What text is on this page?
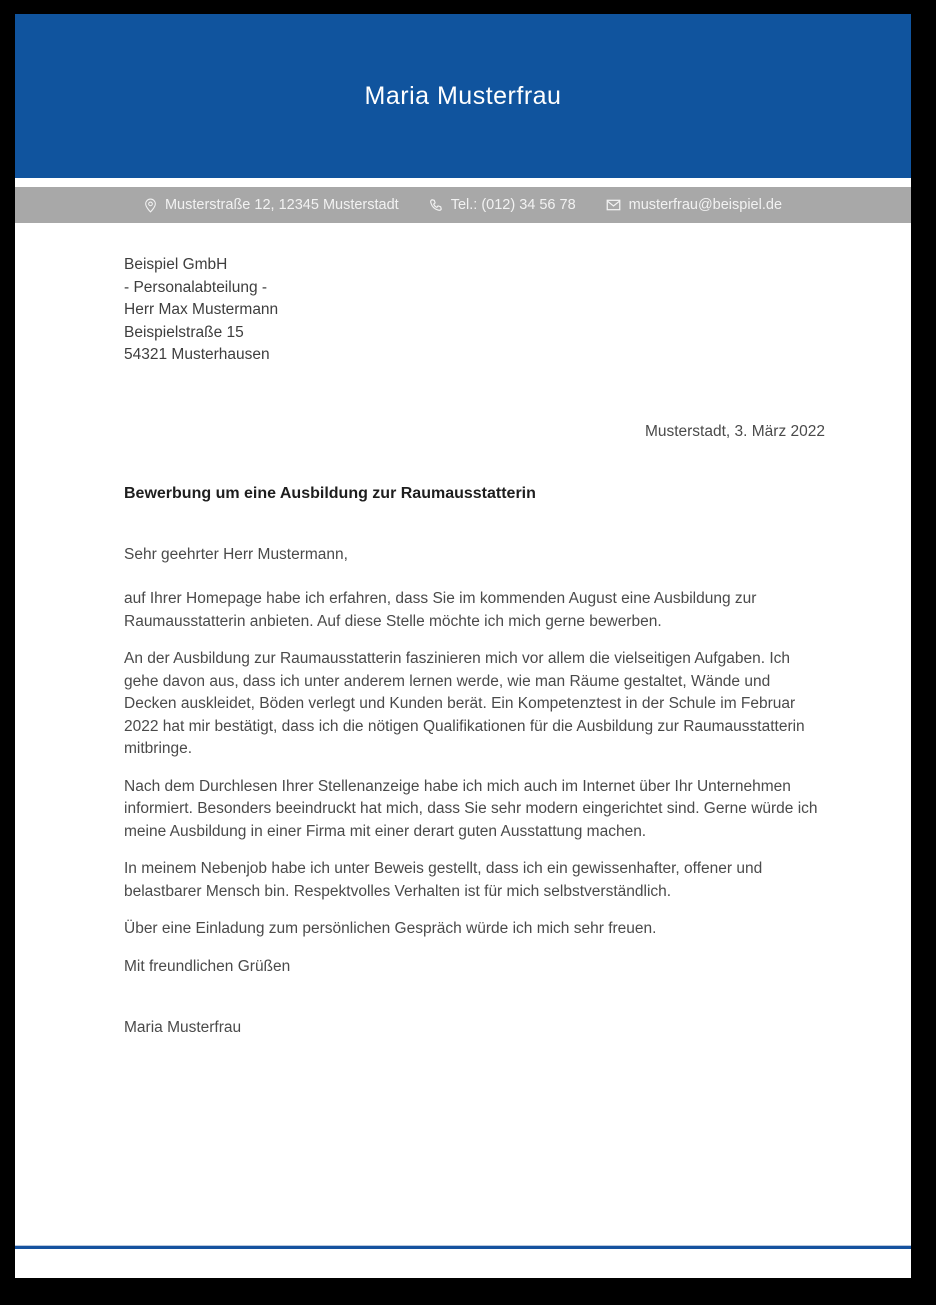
Maria Musterfrau
Musterstraße 12, 12345 Musterstadt	Tel.: (012) 34 56 78	musterfrau@beispiel.de
Beispiel GmbH
- Personalabteilung -
Herr Max Mustermann
Beispielstraße 15
54321 Musterhausen
Musterstadt, 3. März 2022
Bewerbung um eine Ausbildung zur Raumausstatterin
Sehr geehrter Herr Mustermann,

auf Ihrer Homepage habe ich erfahren, dass Sie im kommenden August eine Ausbildung zur Raumausstatterin anbieten. Auf diese Stelle möchte ich mich gerne bewerben.

An der Ausbildung zur Raumausstatterin faszinieren mich vor allem die vielseitigen Aufgaben. Ich gehe davon aus, dass ich unter anderem lernen werde, wie man Räume gestaltet, Wände und Decken auskleidet, Böden verlegt und Kunden berät. Ein Kompetenztest in der Schule im Februar 2022 hat mir bestätigt, dass ich die nötigen Qualifikationen für die Ausbildung zur Raumausstatterin mitbringe.

Nach dem Durchlesen Ihrer Stellenanzeige habe ich mich auch im Internet über Ihr Unternehmen informiert. Besonders beeindruckt hat mich, dass Sie sehr modern eingerichtet sind. Gerne würde ich meine Ausbildung in einer Firma mit einer derart guten Ausstattung machen.

In meinem Nebenjob habe ich unter Beweis gestellt, dass ich ein gewissenhafter, offener und belastbarer Mensch bin. Respektvolles Verhalten ist für mich selbstverständlich.

Über eine Einladung zum persönlichen Gespräch würde ich mich sehr freuen.

Mit freundlichen Grüßen
Maria Musterfrau
